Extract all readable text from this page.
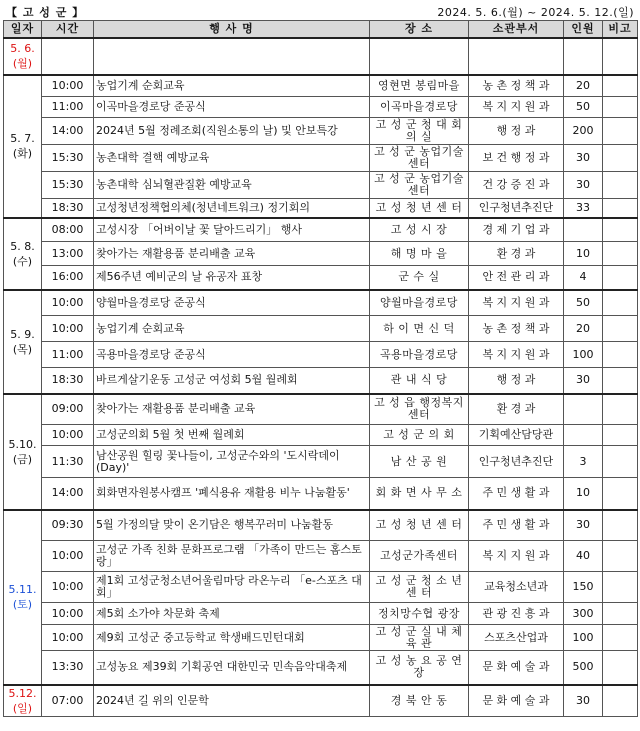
【 고 성 군 】	2024. 5. 6.(월) ~ 2024. 5. 12.(일)
일자	시간	행 사 명	장 소	소관부서	인원	비고

5. 6.
(월)						

5. 7.
(화)	10:00	농업기계 순회교육	영현면 봉림마을	농 촌 정 책 과	20	
	11:00	이곡마을경로당 준공식	이곡마을경로당	복 지 지 원 과	50	
	14:00	2024년 5월 정례조회(직원소통의 날) 및 안보특강	고 성 군 청 대 회 의 실	행 정 과	200	
	15:30	농촌대학 결핵 예방교육	고 성 군 농업기술센터	보 건 행 정 과	30	
	15:30	농촌대학 심뇌혈관질환 예방교육	고 성 군 농업기술센터	건 강 증 진 과	30	
	18:30	고성청년정책협의체(청년네트워크) 정기회의	고 성 청 년 센 터	인구청년추진단	33	

5. 8.
(수)	08:00	고성시장 「어버이날 꽃 달아드리기」 행사	고 성 시 장	경 제 기 업 과		
	13:00	찾아가는 재활용품 분리배출 교육	해 명 마 을	환 경 과	10	
	16:00	제56주년 예비군의 날 유공자 표창	군 수 실	안 전 관 리 과	4	

5. 9.
(목)	10:00	양월마을경로당 준공식	양월마을경로당	복 지 지 원 과	50	
	10:00	농업기계 순회교육	하 이 면 신 덕	농 촌 정 책 과	20	
	11:00	곡용마을경로당 준공식	곡용마을경로당	복 지 지 원 과	100	
	18:30	바르게살기운동 고성군 여성회 5월 월례회	관 내 식 당	행 정 과	30	

5.10.
(금)	09:00	찾아가는 재활용품 분리배출 교육	고 성 읍 행정복지센터	환 경 과		
	10:00	고성군의회 5월 첫 번째 월례회	고 성 군 의 회	기획예산담당관		
	11:30	남산공원 힐링 꽃나들이, 고성군수와의 '도시락데이(Day)'	남 산 공 원	인구청년추진단	3	
	14:00	회화면자원봉사캠프 '폐식용유 재활용 비누 나눔활동'	회 화 면 사 무 소	주 민 생 활 과	10	

5.11.
(토)	09:30	5월 가정의달 맞이 온기담은 행복꾸러미 나눔활동	고 성 청 년 센 터	주 민 생 활 과	30	
	10:00	고성군 가족 친화 문화프로그램 「가족이 만드는 홈스토랑」	고성군가족센터	복 지 지 원 과	40	
	10:00	제1회 고성군청소년어울림마당 라온누리 「e-스포츠 대회」	고 성 군 청 소 년 센 터	교육청소년과	150	
	10:00	제5회 소가야 차문화 축제	정치망수협 광장	관 광 진 흥 과	300	
	10:00	제9회 고성군 중고등학교 학생배드민턴대회	고 성 군 실 내 체 육 관	스포츠산업과	100	
	13:30	고성농요 제39회 기획공연 대한민국 민속음악대축제	고 성 농 요 공 연 장	문 화 예 술 과	500	

5.12.
(일)	07:00	2024년 길 위의 인문학	경 북 안 동	문 화 예 술 과	30	
